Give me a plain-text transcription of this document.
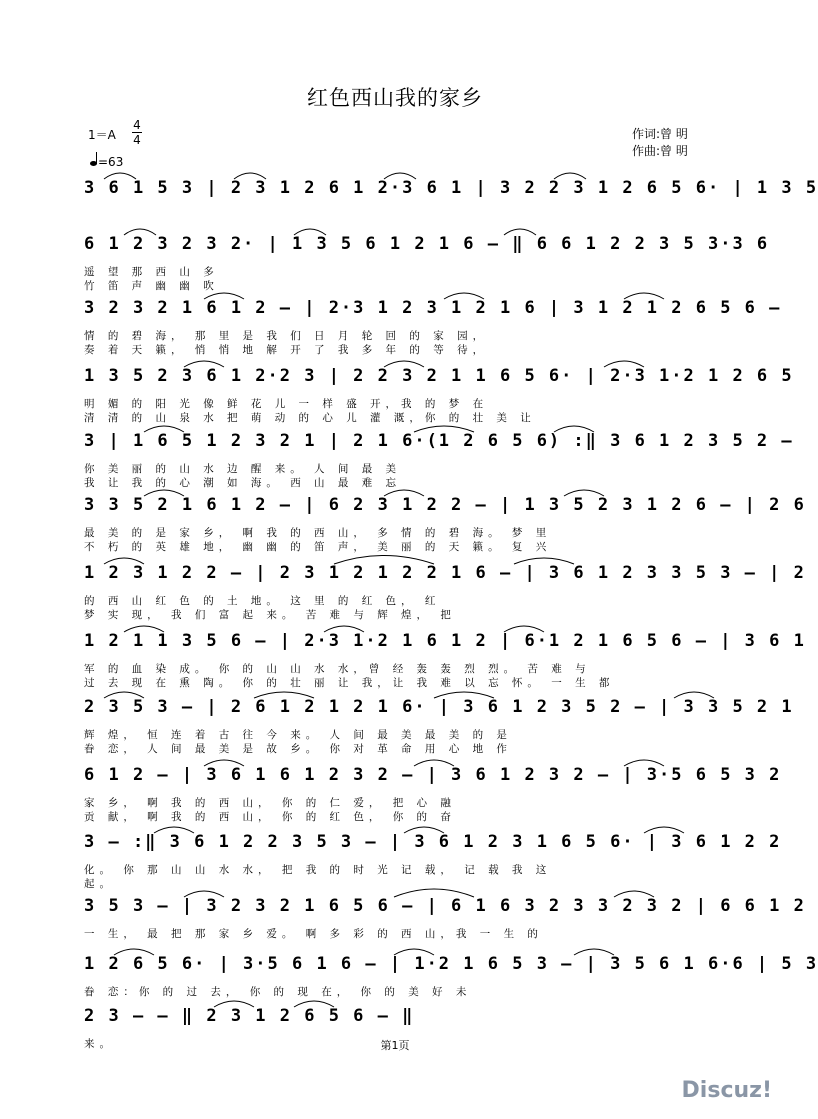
红色西山我的家乡
1＝A
4
4
=63
作词:曾 明
作曲:曾 明
3 6 1 5 3 | 2 3 1 2 6 1 2·3 6 1 | 3 2 2 3 1 2 6 5 6· | 1 3 5
6 1 2 3 2 3 2· | 1 3 5 6 1 2 1 6 – ‖ 6 6 1 2 2 3 5 3·3 6
遥 望 那 西 山 多
竹 笛 声 幽 幽 吹
3 2 3 2 1 6 1 2 – | 2·3 1 2 3 1 2 1 6 | 3 1 2 1 2 6 5 6 –
情 的 碧 海， 那 里 是 我 们 日 月 轮 回 的 家 园，
奏 着 天 籁， 悄 悄 地 解 开 了 我 多 年 的 等 待，
1 3 5 2 3 6 1 2·2 3 | 2 2 3 2 1 1 6 5 6· | 2·3 1·2 1 2 6 5
明 媚 的 阳 光 像 鲜 花 儿 一 样 盛 开，我 的 梦 在
清 清 的 山 泉 水 把 萌 动 的 心 儿 灌 溉，你 的 壮 美 让
3 | 1 6 5 1 2 3 2 1 | 2 1 6·(1 2 6 5 6) :‖ 3 6 1 2 3 5 2 –
你 美 丽 的 山 水 边 醒 来。 人 间 最 美
我 让 我 的 心 潮 如 海。 西 山 最 难 忘
3 3 5 2 1 6 1 2 – | 6 2 3 1 2 2 – | 1 3 5 2 3 1 2 6 – | 2 6
最 美 的 是 家 乡， 啊 我 的 西 山， 多 情 的 碧 海。 梦 里
不 朽 的 英 雄 地， 幽 幽 的 笛 声， 美 丽 的 天 籁。 复 兴
1 2 3 1 2 2 – | 2 3 1 2 1 2 2 1 6 – | 3 6 1 2 3 3 5 3 – | 2
的 西 山 红 色 的 土 地。 这 里 的 红 色， 红
梦 实 现， 我 们 富 起 来。 苦 难 与 辉 煌， 把
1 2 1 1 3 5 6 – | 2·3 1·2 1 6 1 2 | 6·1 2 1 6 5 6 – | 3 6 1
军 的 血 染 成。 你 的 山 山 水 水，曾 经 轰 轰 烈 烈。 苦 难 与
过 去 现 在 熏 陶。 你 的 壮 丽 让 我，让 我 难 以 忘 怀。 一 生 都
2 3 5 3 – | 2 6 1 2 1 2 1 6· | 3 6 1 2 3 5 2 – | 3 3 5 2 1
辉 煌， 恒 连 着 古 往 今 来。 人 间 最 美 最 美 的 是
眷 恋， 人 间 最 美 是 故 乡。 你 对 革 命 用 心 地 作
6 1 2 – | 3 6 1 6 1 2 3 2 – | 3 6 1 2 3 2 – | 3·5 6 5 3 2
家 乡， 啊 我 的 西 山， 你 的 仁 爱， 把 心 融
贡 献， 啊 我 的 西 山， 你 的 红 色， 你 的 奋
3 – :‖ 3 6 1 2 2 3 5 3 – | 3 6 1 2 3 1 6 5 6· | 3 6 1 2 2
化。 你 那 山 山 水 水， 把 我 的 时 光 记 载， 记 载 我 这
起。
3 5 3 – | 3 2 3 2 1 6 5 6 – | 6 1 6 3 2 3 3 2 3 2 | 6 6 1 2
一 生， 最 把 那 家 乡 爱。 啊 多 彩 的 西 山，我 一 生 的
1 2 6 5 6· | 3·5 6 1 6 – | 1·2 1 6 5 3 – | 3 5 6 1 6·6 | 5 3
眷 恋：你 的 过 去， 你 的 现 在， 你 的 美 好 未
2 3 – – ‖ 2 3 1 2 6 5 6 – ‖
来。	第1页
Discuz!
